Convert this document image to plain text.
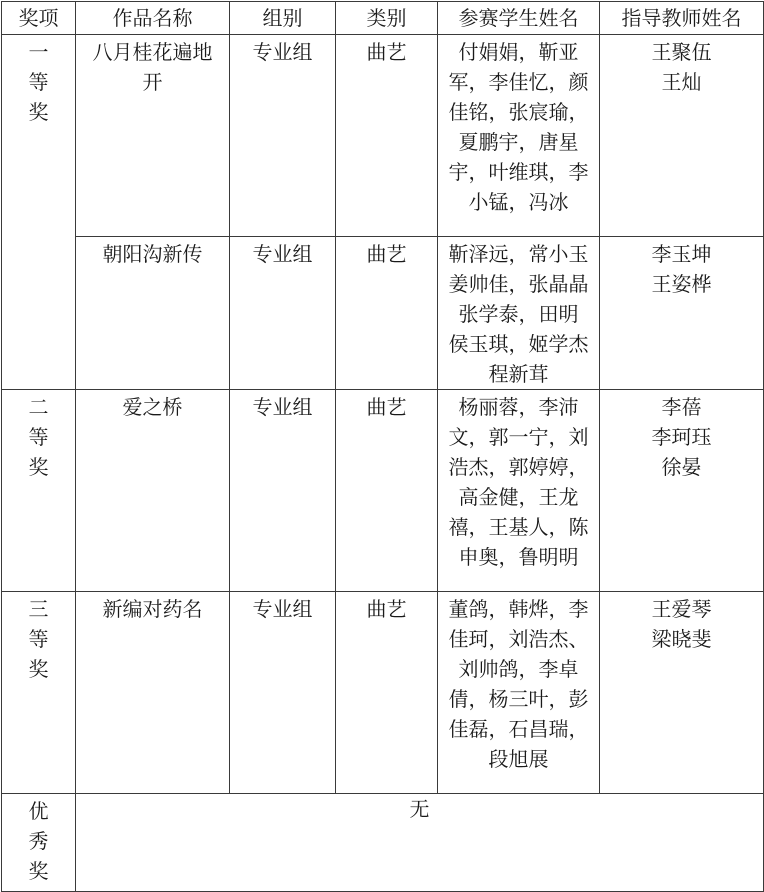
奖项	作品名称	组别	类别	参赛学生姓名	指导教师姓名

一
等
奖	八月桂花遍地开	专业组	曲艺	付娟娟，靳亚军，李佳忆，颜佳铭，张宸瑜，夏鹏宇，唐星宇，叶维琪，李小锰，冯冰	王聚伍
王灿

	朝阳沟新传	专业组	曲艺	靳泽远，常小玉 姜帅佳，张晶晶 张学泰，田明 侯玉琪，姬学杰 程新茸	李玉坤
王姿桦

二
等
奖	爱之桥	专业组	曲艺	杨丽蓉，李沛文，郭一宁，刘浩杰，郭婷婷，高金健，王龙禧，王基人，陈申奥，鲁明明	李蓓
李珂珏
徐晏

三
等
奖	新编对药名	专业组	曲艺	董鸽，韩烨，李佳珂，刘浩杰、刘帅鸽，李卓倩，杨三叶，彭佳磊，石昌瑞，段旭展	王爱琴
梁晓斐

优
秀
奖	无				
